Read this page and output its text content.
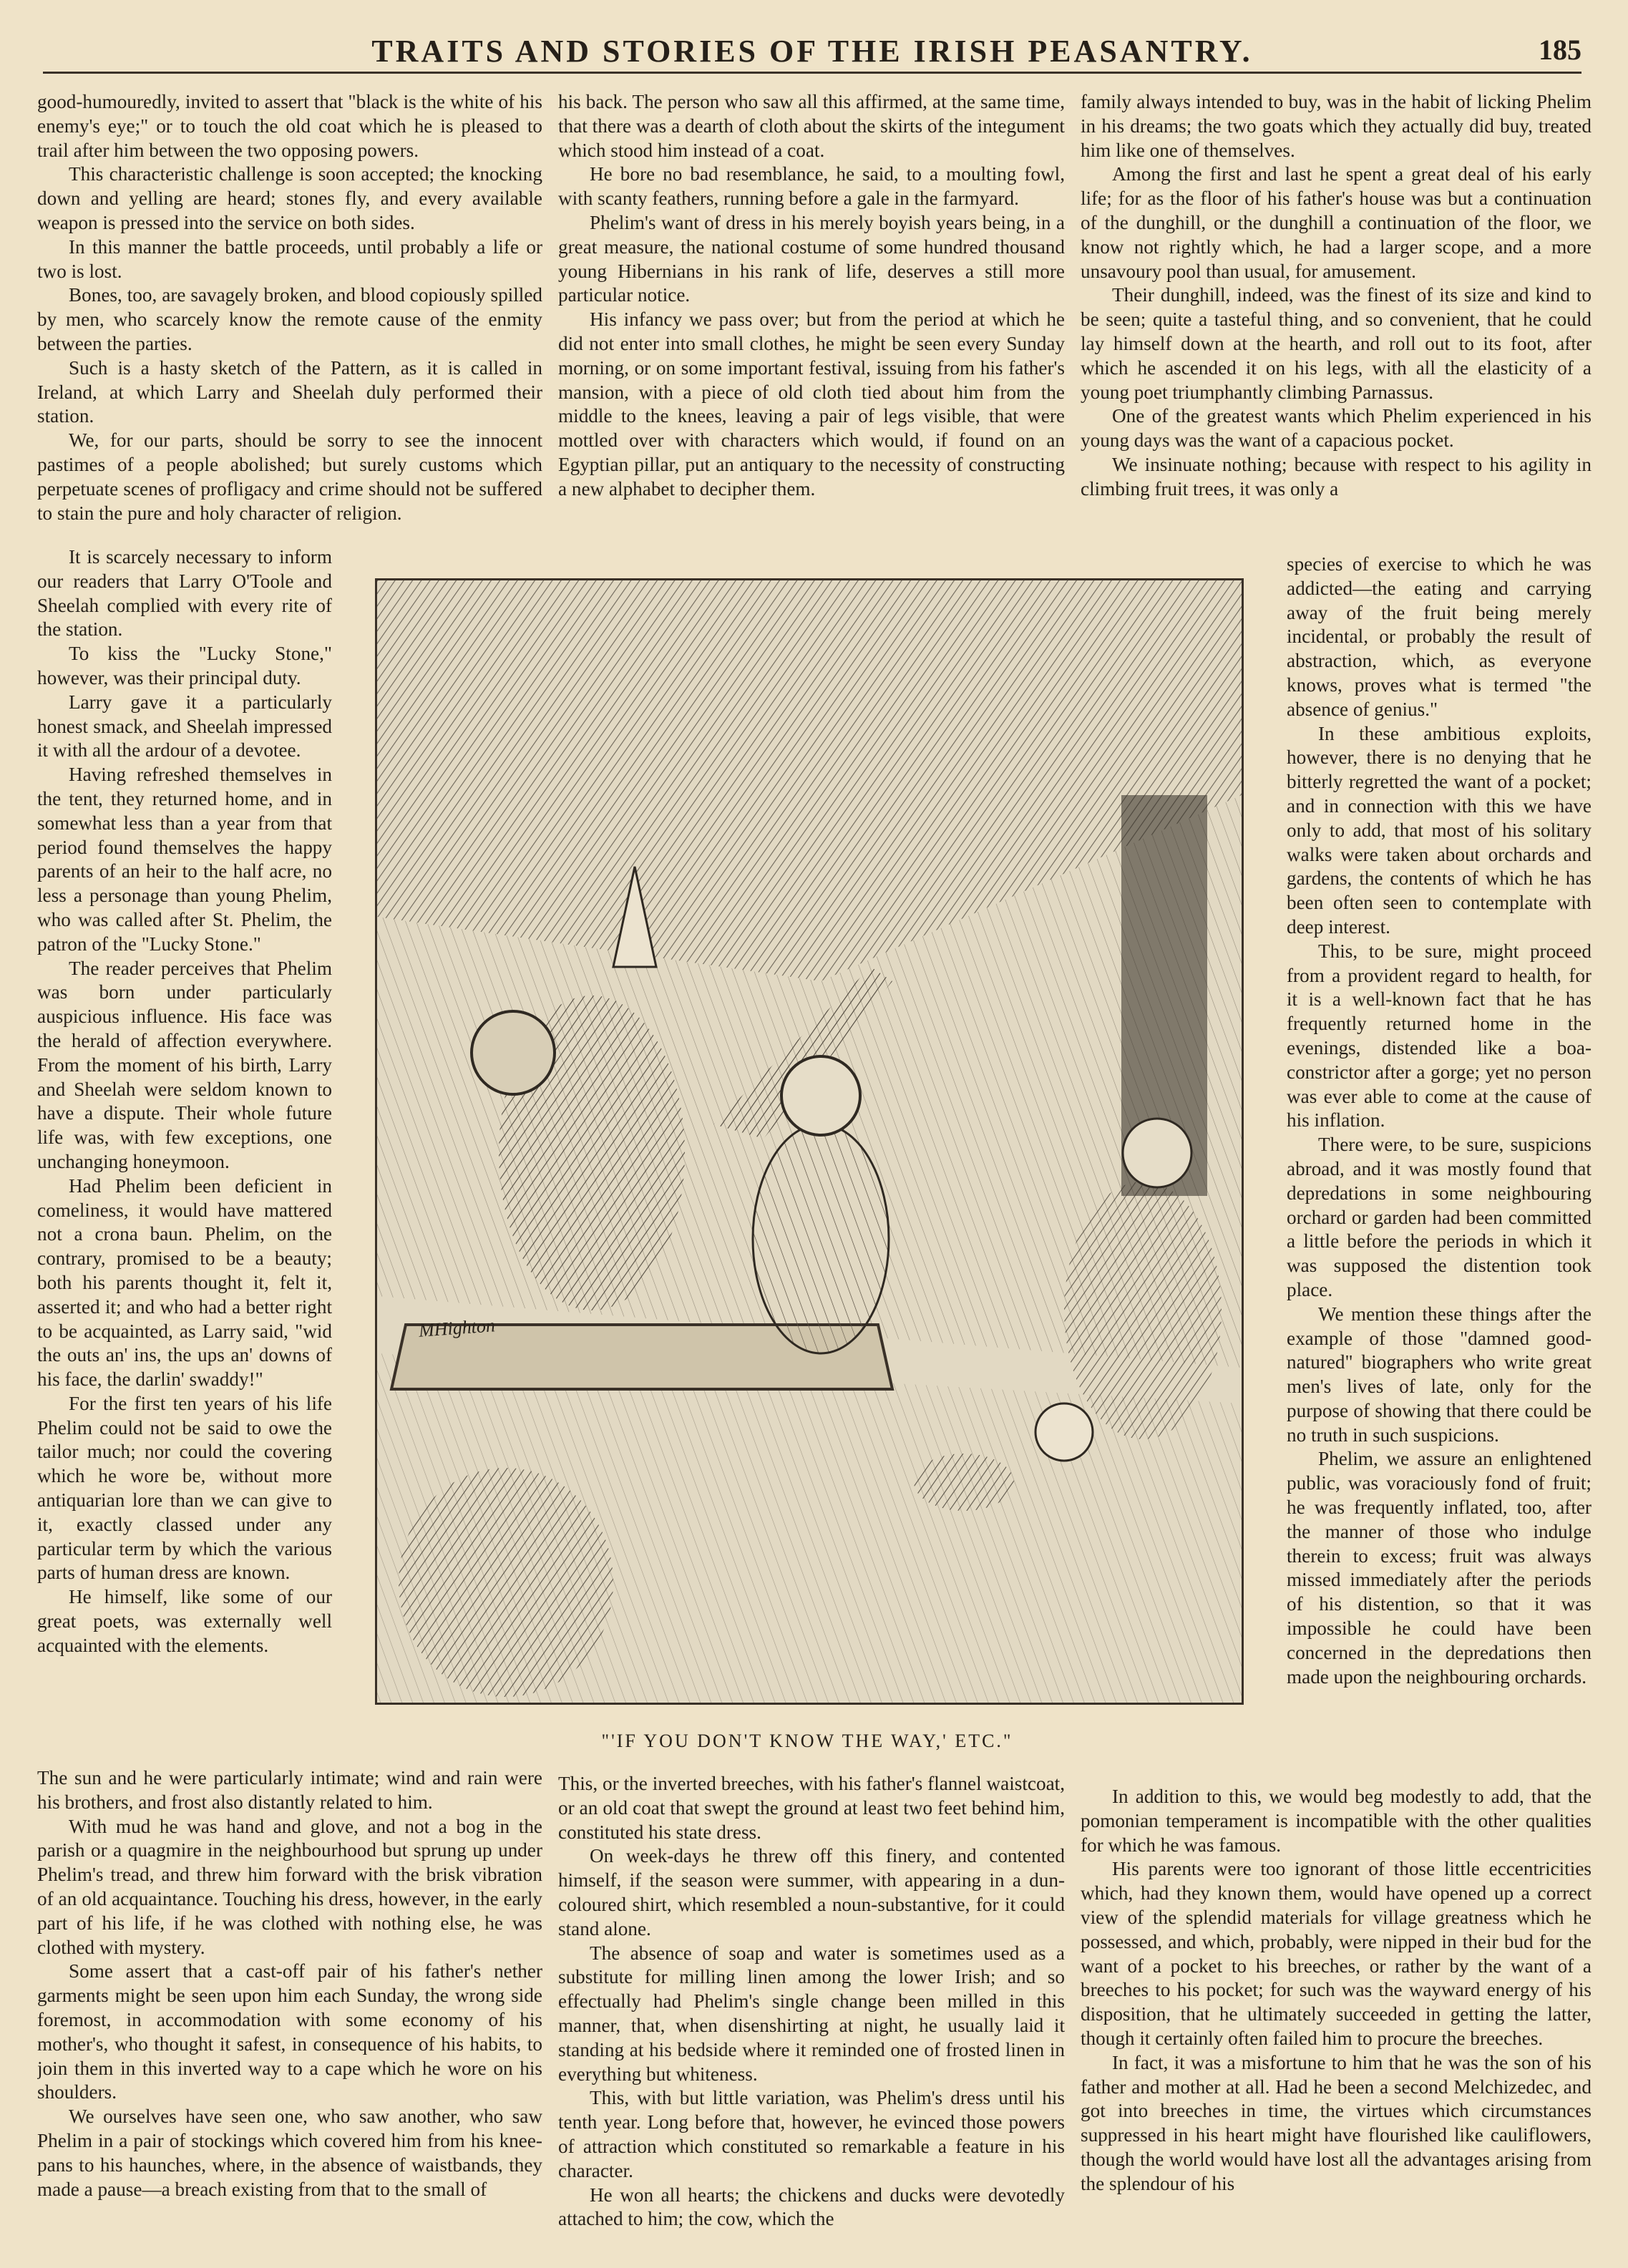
TRAITS AND STORIES OF THE IRISH PEASANTRY.	185

good-humouredly, invited to assert that "black is the white of his enemy's eye;" or to touch the old coat which he is pleased to trail after him between the two opposing powers.

This characteristic challenge is soon accepted; the knocking down and yelling are heard; stones fly, and every available weapon is pressed into the service on both sides.

In this manner the battle proceeds, until probably a life or two is lost.

Bones, too, are savagely broken, and blood copiously spilled by men, who scarcely know the remote cause of the enmity between the parties.

Such is a hasty sketch of the Pattern, as it is called in Ireland, at which Larry and Sheelah duly performed their station.

We, for our parts, should be sorry to see the innocent pastimes of a people abolished; but surely customs which perpetuate scenes of profligacy and crime should not be suffered to stain the pure and holy character of religion.

It is scarcely necessary to inform our readers that Larry O'Toole and Sheelah complied with every rite of the station.

To kiss the "Lucky Stone," however, was their principal duty.

Larry gave it a particularly honest smack, and Sheelah impressed it with all the ardour of a devotee.

Having refreshed themselves in the tent, they returned home, and in somewhat less than a year from that period found themselves the happy parents of an heir to the half acre, no less a personage than young Phelim, who was called after St. Phelim, the patron of the "Lucky Stone."

The reader perceives that Phelim was born under particularly auspicious influence. His face was the herald of affection everywhere. From the moment of his birth, Larry and Sheelah were seldom known to have a dispute. Their whole future life was, with few exceptions, one unchanging honeymoon.

Had Phelim been deficient in comeliness, it would have mattered not a crona baun. Phelim, on the contrary, promised to be a beauty; both his parents thought it, felt it, asserted it; and who had a better right to be acquainted, as Larry said, "wid the outs an' ins, the ups an' downs of his face, the darlin' swaddy!"

For the first ten years of his life Phelim could not be said to owe the tailor much; nor could the covering which he wore be, without more antiquarian lore than we can give to it, exactly classed under any particular term by which the various parts of human dress are known.

He himself, like some of our great poets, was externally well acquainted with the elements.

The sun and he were particularly intimate; wind and rain were his brothers, and frost also distantly related to him.

With mud he was hand and glove, and not a bog in the parish or a quagmire in the neighbourhood but sprung up under Phelim's tread, and threw him forward with the brisk vibration of an old acquaintance. Touching his dress, however, in the early part of his life, if he was clothed with nothing else, he was clothed with mystery.

Some assert that a cast-off pair of his father's nether garments might be seen upon him each Sunday, the wrong side foremost, in accommodation with some economy of his mother's, who thought it safest, in consequence of his habits, to join them in this inverted way to a cape which he wore on his shoulders.

We ourselves have seen one, who saw another, who saw Phelim in a pair of stockings which covered him from his knee-pans to his haunches, where, in the absence of waistbands, they made a pause—a breach existing from that to the small of

his back. The person who saw all this affirmed, at the same time, that there was a dearth of cloth about the skirts of the integument which stood him instead of a coat.

He bore no bad resemblance, he said, to a moulting fowl, with scanty feathers, running before a gale in the farmyard.

Phelim's want of dress in his merely boyish years being, in a great measure, the national costume of some hundred thousand young Hibernians in his rank of life, deserves a still more particular notice.

His infancy we pass over; but from the period at which he did not enter into small clothes, he might be seen every Sunday morning, or on some important festival, issuing from his father's mansion, with a piece of old cloth tied about him from the middle to the knees, leaving a pair of legs visible, that were mottled over with characters which would, if found on an Egyptian pillar, put an antiquary to the necessity of constructing a new alphabet to decipher them.

This, or the inverted breeches, with his father's flannel waistcoat, or an old coat that swept the ground at least two feet behind him, constituted his state dress.

On week-days he threw off this finery, and contented himself, if the season were summer, with appearing in a dun-coloured shirt, which resembled a noun-substantive, for it could stand alone.

The absence of soap and water is sometimes used as a substitute for milling linen among the lower Irish; and so effectually had Phelim's single change been milled in this manner, that, when disenshirting at night, he usually laid it standing at his bedside where it reminded one of frosted linen in everything but whiteness.

This, with but little variation, was Phelim's dress until his tenth year. Long before that, however, he evinced those powers of attraction which constituted so remarkable a feature in his character.

He won all hearts; the chickens and ducks were devotedly attached to him; the cow, which the

family always intended to buy, was in the habit of licking Phelim in his dreams; the two goats which they actually did buy, treated him like one of themselves.

Among the first and last he spent a great deal of his early life; for as the floor of his father's house was but a continuation of the dunghill, or the dunghill a continuation of the floor, we know not rightly which, he had a larger scope, and a more unsavoury pool than usual, for amusement.

Their dunghill, indeed, was the finest of its size and kind to be seen; quite a tasteful thing, and so convenient, that he could lay himself down at the hearth, and roll out to its foot, after which he ascended it on his legs, with all the elasticity of a young poet triumphantly climbing Parnassus.

One of the greatest wants which Phelim experienced in his young days was the want of a capacious pocket.

We insinuate nothing; because with respect to his agility in climbing fruit trees, it was only a

species of exercise to which he was addicted—the eating and carrying away of the fruit being merely incidental, or probably the result of abstraction, which, as everyone knows, proves what is termed "the absence of genius."

In these ambitious exploits, however, there is no denying that he bitterly regretted the want of a pocket; and in connection with this we have only to add, that most of his solitary walks were taken about orchards and gardens, the contents of which he has been often seen to contemplate with deep interest.

This, to be sure, might proceed from a provident regard to health, for it is a well-known fact that he has frequently returned home in the evenings, distended like a boa-constrictor after a gorge; yet no person was ever able to come at the cause of his inflation.

There were, to be sure, suspicions abroad, and it was mostly found that depredations in some neighbouring orchard or garden had been committed a little before the periods in which it was supposed the distention took place.

We mention these things after the example of those "damned good-natured" biographers who write great men's lives of late, only for the purpose of showing that there could be no truth in such suspicions.

Phelim, we assure an enlightened public, was voraciously fond of fruit; he was frequently inflated, too, after the manner of those who indulge therein to excess; fruit was always missed immediately after the periods of his distention, so that it was impossible he could have been concerned in the depredations then made upon the neighbouring orchards.

In addition to this, we would beg modestly to add, that the pomonian temperament is incompatible with the other qualities for which he was famous.

His parents were too ignorant of those little eccentricities which, had they known them, would have opened up a correct view of the splendid materials for village greatness which he possessed, and which, probably, were nipped in their bud for the want of a pocket to his breeches, or rather by the want of a breeches to his pocket; for such was the wayward energy of his disposition, that he ultimately succeeded in getting the latter, though it certainly often failed him to procure the breeches.

In fact, it was a misfortune to him that he was the son of his father and mother at all. Had he been a second Melchizedec, and got into breeches in time, the virtues which circumstances suppressed in his heart might have flourished like cauliflowers, though the world would have lost all the advantages arising from the splendour of his

MHighton
"'IF YOU DON'T KNOW THE WAY,' ETC."
